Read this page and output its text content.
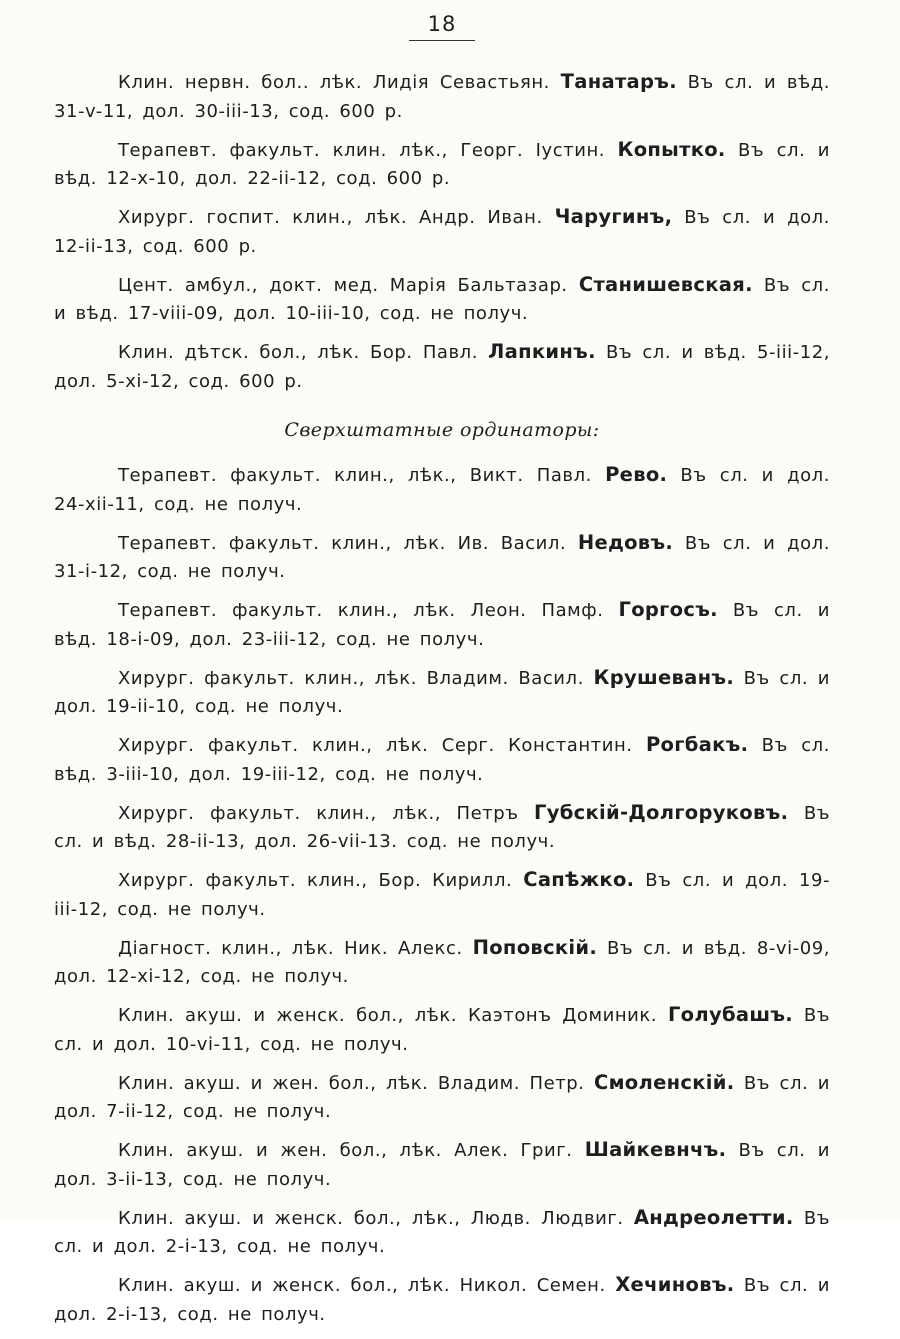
18

Клин. нервн. бол.. лѣк. Лидія Севастьян. Танатаръ. Въ сл. и вѣд. 31-v-11, дол. 30-iii-13, сод. 600 р.

Терапевт. факульт. клин. лѣк., Георг. Іустин. Копытко. Въ сл. и вѣд. 12-x-10, дол. 22-ii-12, сод. 600 р.

Хирург. госпит. клин., лѣк. Андр. Иван. Чаругинъ, Въ сл. и дол. 12-ii-13, сод. 600 р.

Цент. амбул., докт. мед. Марія Бальтазар. Станишевская. Въ сл. и вѣд. 17-viii-09, дол. 10-iii-10, сод. не получ.

Клин. дѣтск. бол., лѣк. Бор. Павл. Лапкинъ. Въ сл. и вѣд. 5-iii-12, дол. 5-xi-12, сод. 600 р.

Сверхштатные ординаторы:

Терапевт. факульт. клин., лѣк., Викт. Павл. Рево. Въ сл. и дол. 24-xii-11, сод. не получ.

Терапевт. факульт. клин., лѣк. Ив. Васил. Недовъ. Въ сл. и дол. 31-i-12, сод. не получ.

Терапевт. факульт. клин., лѣк. Леон. Памф. Горгосъ. Въ сл. и вѣд. 18-i-09, дол. 23-iii-12, сод. не получ.

Хирург. факульт. клин., лѣк. Владим. Васил. Крушеванъ. Въ сл. и дол. 19-ii-10, сод. не получ.

Хирург. факульт. клин., лѣк. Серг. Константин. Рогбакъ. Въ сл. вѣд. 3-iii-10, дол. 19-iii-12, сод. не получ.

Хирург. факульт. клин., лѣк., Петръ Губскій-Долгоруковъ. Въ сл. и вѣд. 28-ii-13, дол. 26-vii-13. сод. не получ.

Хирург. факульт. клин., Бор. Кирилл. Сапѣжко. Въ сл. и дол. 19-iii-12, сод. не получ.

Діагност. клин., лѣк. Ник. Алекс. Поповскій. Въ сл. и вѣд. 8-vi-09, дол. 12-xi-12, сод. не получ.

Клин. акуш. и женск. бол., лѣк. Каэтонъ Доминик. Голубашъ. Въ сл. и дол. 10-vi-11, сод. не получ.

Клин. акуш. и жен. бол., лѣк. Владим. Петр. Смоленскій. Въ сл. и дол. 7-ii-12, сод. не получ.

Клин. акуш. и жен. бол., лѣк. Алек. Григ. Шайкевнчъ. Въ сл. и дол. 3-ii-13, сод. не получ.

Клин. акуш. и женск. бол., лѣк., Людв. Людвиг. Андреолетти. Въ сл. и дол. 2-i-13, сод. не получ.

Клин. акуш. и женск. бол., лѣк. Никол. Семен. Хечиновъ. Въ сл. и дол. 2-i-13, сод. не получ.
